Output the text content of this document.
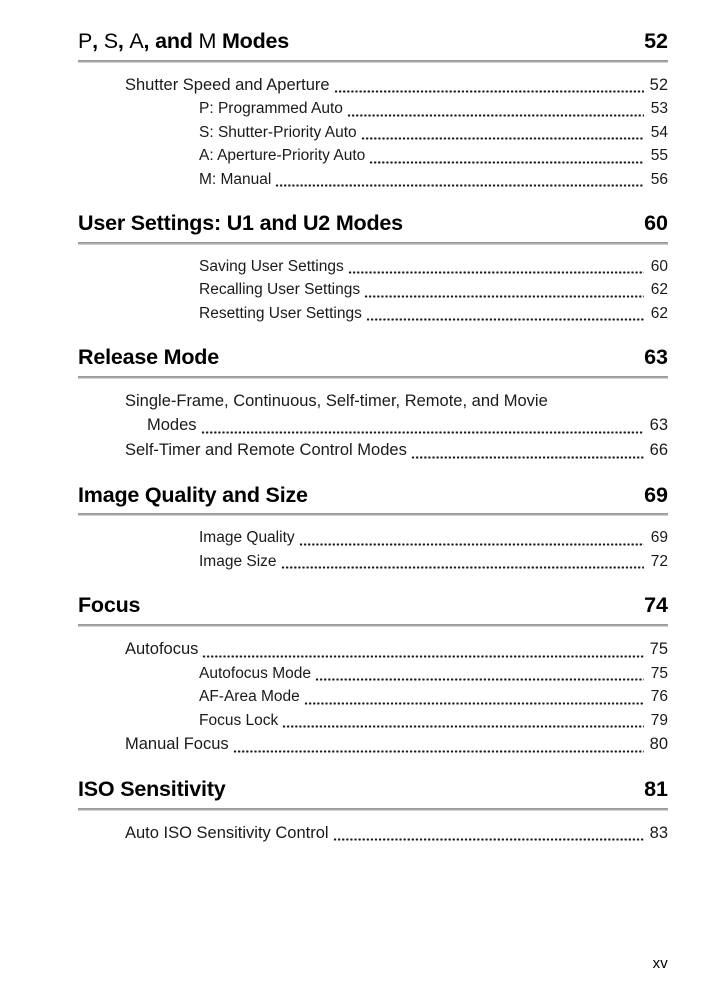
P, S, A, and M Modes	52
Shutter Speed and Aperture	52
P: Programmed Auto	53
S: Shutter-Priority Auto	54
A: Aperture-Priority Auto	55
M: Manual	56
User Settings: U1 and U2 Modes	60
Saving User Settings	60
Recalling User Settings	62
Resetting User Settings	62
Release Mode	63
Single-Frame, Continuous, Self-timer, Remote, and Movie
Modes	63
Self-Timer and Remote Control Modes	66
Image Quality and Size	69
Image Quality	69
Image Size	72
Focus	74
Autofocus	75
Autofocus Mode	75
AF-Area Mode	76
Focus Lock	79
Manual Focus	80
ISO Sensitivity	81
Auto ISO Sensitivity Control	83
xv
